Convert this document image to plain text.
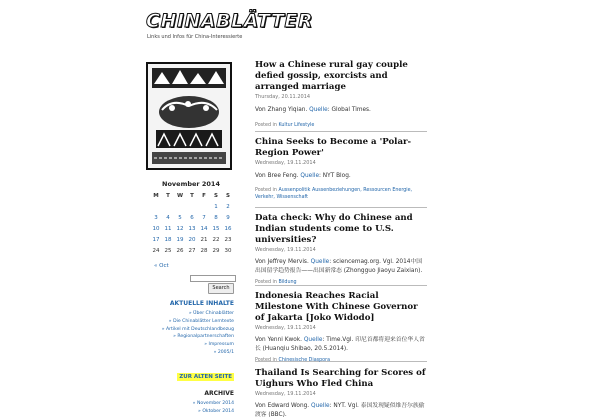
CHINABLÄTTER
Links und Infos für China-Interessierte
November 2014
M	T	W	T	F	S	S
					1	2
3	4	5	6	7	8	9
10	11	12	13	14	15	16
17	18	19	20	21	22	23
24	25	26	27	28	29	30
« Oct
Search
AKTUELLE INHALTE
» Über Chinablätter
» Die Chinablätter Lerntexte
» Artikel mit Deutschlandbezug
» Regionalpartnerschaften
» Impressum
» 2005/1
ZUR ALTEN SEITE
ARCHIVE
» November 2014
» Oktober 2014
How a Chinese rural gay couple defied gossip, exorcists and arranged marriage
Thursday, 20.11.2014
Von Zhang Yiqian. Quelle: Global Times.
Posted in Kultur Lifestyle
China Seeks to Become a 'Polar-Region Power'
Wednesday, 19.11.2014
Von Bree Feng. Quelle: NYT Blog.
Posted in Aussenpolitik Aussenbeziehungen, Ressourcen Energie, Verkehr, Wissenschaft
Data check: Why do Chinese and Indian students come to U.S. universities?
Wednesday, 19.11.2014
Von Jeffrey Mervis. Quelle: sciencemag.org. Vgl. 2014中国出国留学趋势报告——出国新常态 (Zhongguo Jiaoyu Zaixian).
Posted in Bildung
Indonesia Reaches Racial Milestone With Chinese Governor of Jakarta [Joko Widodo]
Wednesday, 19.11.2014
Von Yenni Kwok. Quelle: Time.Vgl. 印尼首都将迎来首位华人省长 (Huanqiu Shibao, 20.5.2014).
Posted in Chinesische Diaspora
Thailand Is Searching for Scores of Uighurs Who Fled China
Wednesday, 19.11.2014
Von Edward Wong. Quelle: NYT. Vgl. 泰国发现疑似维吾尔族偷渡客 (BBC).
